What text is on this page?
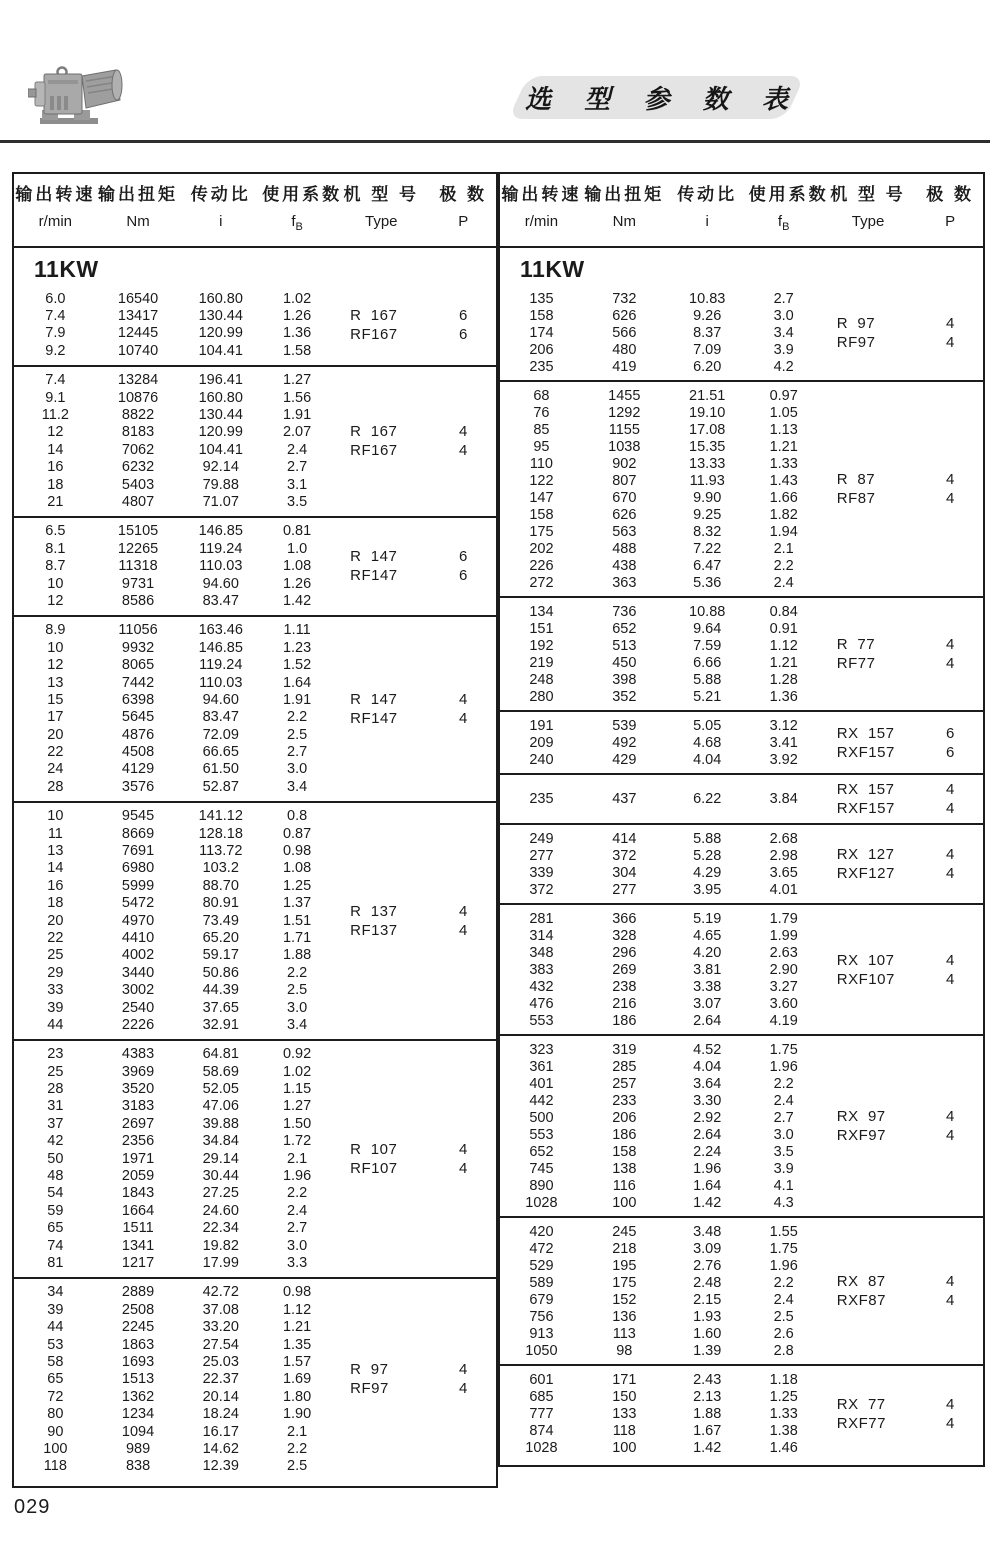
选 型 参 数 表
输出转速 输出扭矩 传动比 使用系数 机 型 号	极 数
r/min	Nm	i	$f_B$	Type	P
11KW
6.0	16540	160.80	1.02
7.4	13417	130.44	1.26
7.9	12445	120.99	1.36
9.2	10740	104.41	1.58
R  167	6
RF167	6
7.4	13284	196.41	1.27
9.1	10876	160.80	1.56
11.2	8822	130.44	1.91
12	8183	120.99	2.07
14	7062	104.41	2.4
16	6232	92.14	2.7
18	5403	79.88	3.1
21	4807	71.07	3.5
R  167	4
RF167	4
6.5	15105	146.85	0.81
8.1	12265	119.24	1.0
8.7	11318	110.03	1.08
10	9731	94.60	1.26
12	8586	83.47	1.42
R  147	6
RF147	6
8.9	11056	163.46	1.11
10	9932	146.85	1.23
12	8065	119.24	1.52
13	7442	110.03	1.64
15	6398	94.60	1.91
17	5645	83.47	2.2
20	4876	72.09	2.5
22	4508	66.65	2.7
24	4129	61.50	3.0
28	3576	52.87	3.4
R  147	4
RF147	4
10	9545	141.12	0.8
11	8669	128.18	0.87
13	7691	113.72	0.98
14	6980	103.2	1.08
16	5999	88.70	1.25
18	5472	80.91	1.37
20	4970	73.49	1.51
22	4410	65.20	1.71
25	4002	59.17	1.88
29	3440	50.86	2.2
33	3002	44.39	2.5
39	2540	37.65	3.0
44	2226	32.91	3.4
R  137	4
RF137	4
23	4383	64.81	0.92
25	3969	58.69	1.02
28	3520	52.05	1.15
31	3183	47.06	1.27
37	2697	39.88	1.50
42	2356	34.84	1.72
50	1971	29.14	2.1
48	2059	30.44	1.96
54	1843	27.25	2.2
59	1664	24.60	2.4
65	1511	22.34	2.7
74	1341	19.82	3.0
81	1217	17.99	3.3
R  107	4
RF107	4
34	2889	42.72	0.98
39	2508	37.08	1.12
44	2245	33.20	1.21
53	1863	27.54	1.35
58	1693	25.03	1.57
65	1513	22.37	1.69
72	1362	20.14	1.80
80	1234	18.24	1.90
90	1094	16.17	2.1
100	989	14.62	2.2
118	838	12.39	2.5
R  97	4
RF97	4
输出转速 输出扭矩 传动比 使用系数 机 型 号	极 数
r/min	Nm	i	$f_B$	Type	P
11KW
135	732	10.83	2.7
158	626	9.26	3.0
174	566	8.37	3.4
206	480	7.09	3.9
235	419	6.20	4.2
R  97	4
RF97	4
68	1455	21.51	0.97
76	1292	19.10	1.05
85	1155	17.08	1.13
95	1038	15.35	1.21
110	902	13.33	1.33
122	807	11.93	1.43
147	670	9.90	1.66
158	626	9.25	1.82
175	563	8.32	1.94
202	488	7.22	2.1
226	438	6.47	2.2
272	363	5.36	2.4
R  87	4
RF87	4
134	736	10.88	0.84
151	652	9.64	0.91
192	513	7.59	1.12
219	450	6.66	1.21
248	398	5.88	1.28
280	352	5.21	1.36
R  77	4
RF77	4
191	539	5.05	3.12
209	492	4.68	3.41
240	429	4.04	3.92
RX  157	6
RXF157	6
235	437	6.22	3.84
RX  157	4
RXF157	4
249	414	5.88	2.68
277	372	5.28	2.98
339	304	4.29	3.65
372	277	3.95	4.01
RX  127	4
RXF127	4
281	366	5.19	1.79
314	328	4.65	1.99
348	296	4.20	2.63
383	269	3.81	2.90
432	238	3.38	3.27
476	216	3.07	3.60
553	186	2.64	4.19
RX  107	4
RXF107	4
323	319	4.52	1.75
361	285	4.04	1.96
401	257	3.64	2.2
442	233	3.30	2.4
500	206	2.92	2.7
553	186	2.64	3.0
652	158	2.24	3.5
745	138	1.96	3.9
890	116	1.64	4.1
1028	100	1.42	4.3
RX  97	4
RXF97	4
420	245	3.48	1.55
472	218	3.09	1.75
529	195	2.76	1.96
589	175	2.48	2.2
679	152	2.15	2.4
756	136	1.93	2.5
913	113	1.60	2.6
1050	98	1.39	2.8
RX  87	4
RXF87	4
601	171	2.43	1.18
685	150	2.13	1.25
777	133	1.88	1.33
874	118	1.67	1.38
1028	100	1.42	1.46
RX  77	4
RXF77	4
029
